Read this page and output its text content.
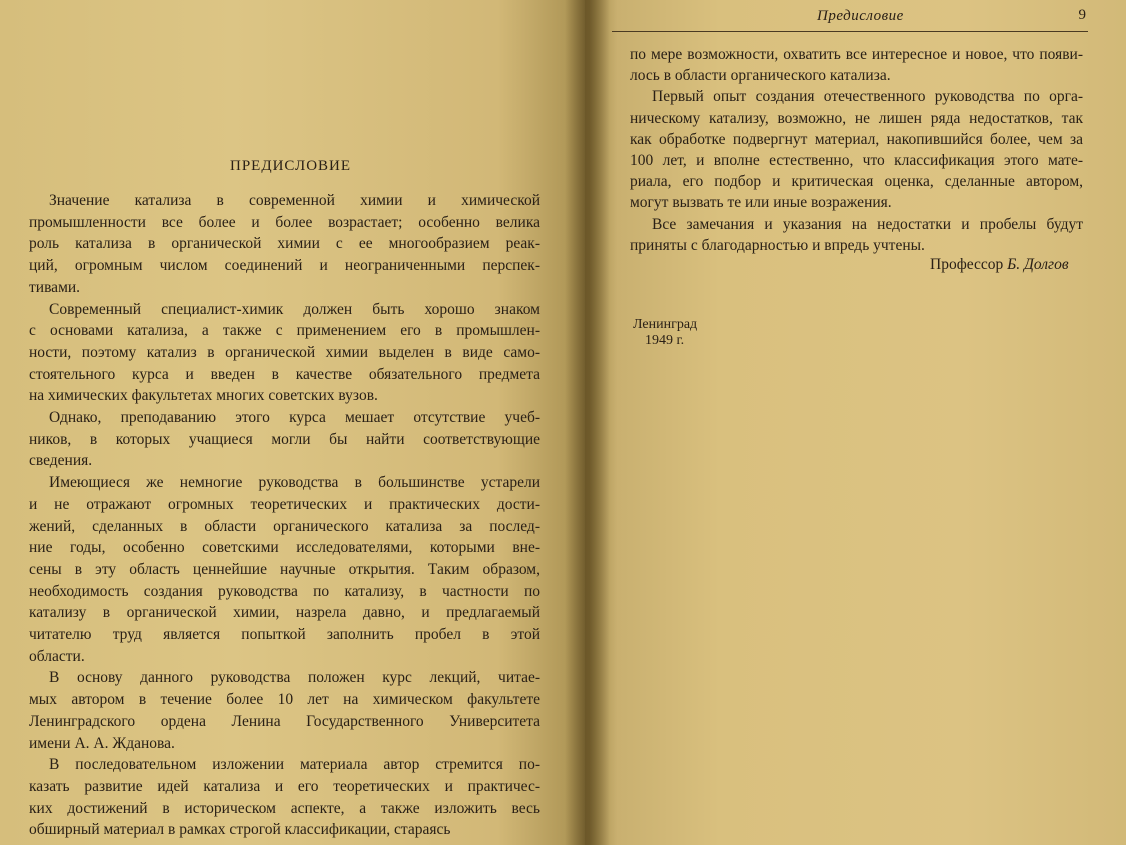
Предисловие	9
ПРЕДИСЛОВИЕ
Значение катализа в современной химии и химической
промышленности все более и более возрастает; особенно велика
роль катализа в органической химии с ее многообразием реак-
ций, огромным числом соединений и неограниченными перспек-
тивами.
Современный специалист-химик должен быть хорошо знаком
с основами катализа, а также с применением его в промышлен-
ности, поэтому катализ в органической химии выделен в виде само-
стоятельного курса и введен в качестве обязательного предмета
на химических факультетах многих советских вузов.
Однако, преподаванию этого курса мешает отсутствие учеб-
ников, в которых учащиеся могли бы найти соответствующие
сведения.
Имеющиеся же немногие руководства в большинстве устарели
и не отражают огромных теоретических и практических дости-
жений, сделанных в области органического катализа за послед-
ние годы, особенно советскими исследователями, которыми вне-
сены в эту область ценнейшие научные открытия. Таким образом,
необходимость создания руководства по катализу, в частности по
катализу в органической химии, назрела давно, и предлагаемый
читателю труд является попыткой заполнить пробел в этой
области.
В основу данного руководства положен курс лекций, читае-
мых автором в течение более 10 лет на химическом факультете
Ленинградского ордена Ленина Государственного Университета
имени А. А. Жданова.
В последовательном изложении материала автор стремится по-
казать развитие идей катализа и его теоретических и практичес-
ких достижений в историческом аспекте, а также изложить весь
обширный материал в рамках строгой классификации, стараясь
по мере возможности, охватить все интересное и новое, что появи-
лось в области органического катализа.
Первый опыт создания отечественного руководства по орга-
ническому катализу, возможно, не лишен ряда недостатков, так
как обработке подвергнут материал, накопившийся более, чем за
100 лет, и вполне естественно, что классификация этого мате-
риала, его подбор и критическая оценка, сделанные автором,
могут вызвать те или иные возражения.
Все замечания и указания на недостатки и пробелы будут
приняты с благодарностью и впредь учтены.
Профессор Б. Долгов
Ленинград
1949 г.
